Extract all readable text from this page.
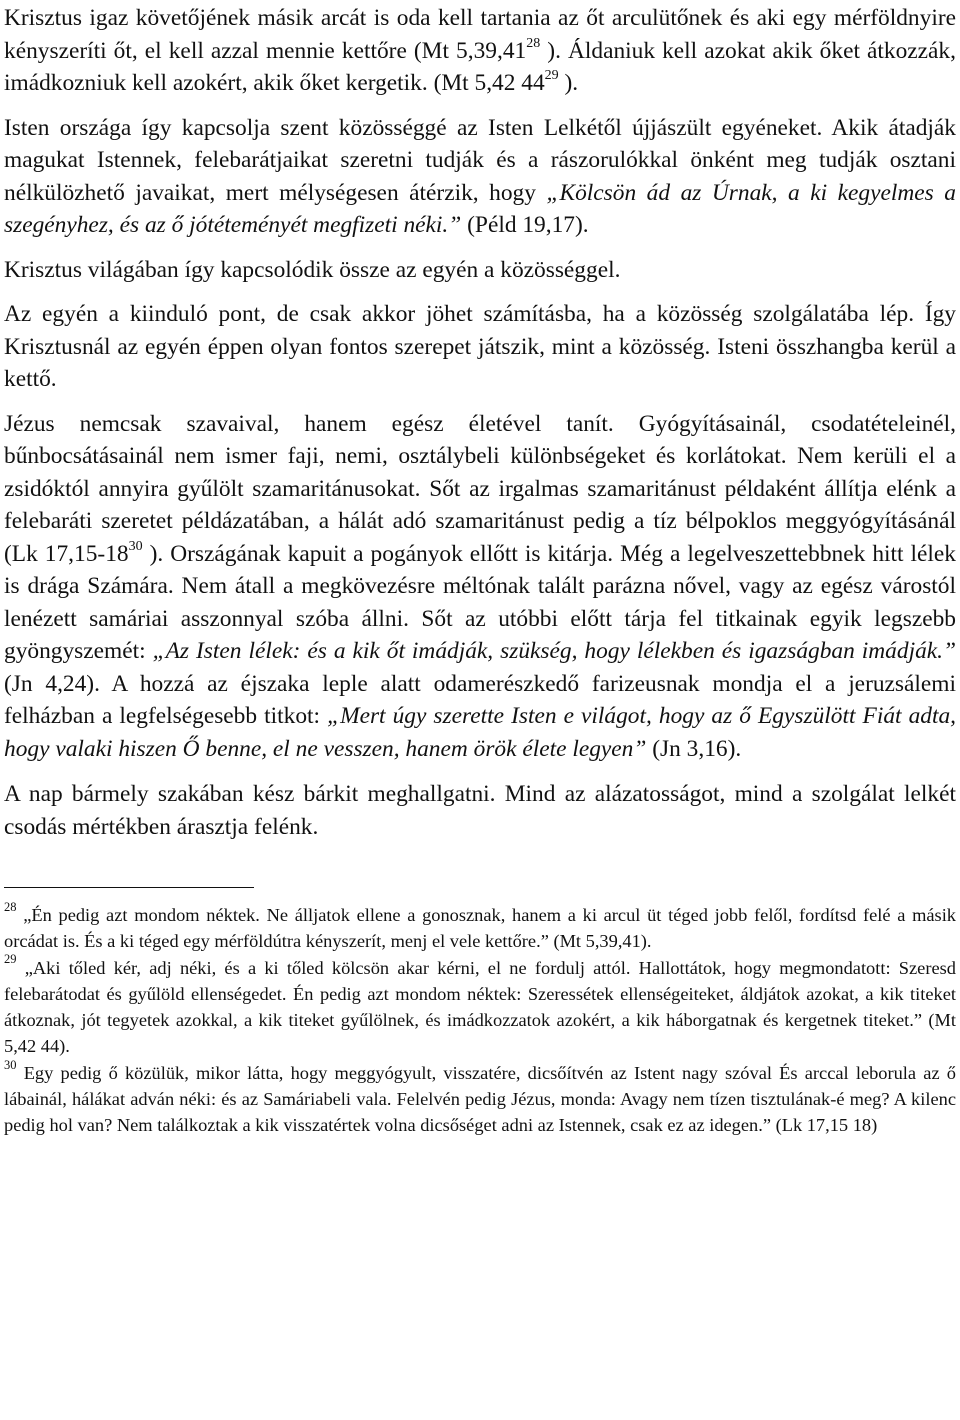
Krisztus igaz követőjének másik arcát is oda kell tartania az őt arculütőnek és aki egy mérföldnyire kényszeríti őt, el kell azzal mennie kettőre (Mt 5,39,41$^{28}$ ). Áldaniuk kell azokat akik őket átkozzák, imádkozniuk kell azokért, akik őket kergetik. (Mt 5,42 $44^{29}$ ).

Isten országa így kapcsolja szent közösséggé az Isten Lelkétől újjászült egyéneket. Akik átadják magukat Istennek, felebarátjaikat szeretni tudják és a rászorulókkal önként meg tudják osztani nélkülözhető javaikat, mert mélységesen átérzik, hogy „Kölcsön ád az Úrnak, a ki kegyelmes a szegényhez, és az ő jótéteményét megfizeti néki.” (Péld 19,17).

Krisztus világában így kapcsolódik össze az egyén a közösséggel.

Az egyén a kiinduló pont, de csak akkor jöhet számításba, ha a közösség szolgálatába lép. Így Krisztusnál az egyén éppen olyan fontos szerepet játszik, mint a közösség. Isteni összhangba kerül a kettő.

Jézus nemcsak szavaival, hanem egész életével tanít. Gyógyításainál, csodatételeinél, bűnbocsátásainál nem ismer faji, nemi, osztálybeli különbségeket és korlátokat. Nem kerüli el a zsidóktól annyira gyűlölt szamaritánusokat. Sőt az irgalmas szamaritánust példaként állítja elénk a felebaráti szeretet példázatában, a hálát adó szamaritánust pedig a tíz bélpoklos meggyógyításánál (Lk $17,15-18^{30}$ ). Országának kapuit a pogányok ellőtt is kitárja. Még a legelveszettebbnek hitt lélek is drága Számára. Nem átall a megkövezésre méltónak talált parázna nővel, vagy az egész várostól lenézett samáriai asszonnyal szóba állni. Sőt az utóbbi előtt tárja fel titkainak egyik legszebb gyöngyszemét: „Az Isten lélek: és a kik őt imádják, szükség, hogy lélekben és igazságban imádják.” (Jn 4,24). A hozzá az éjszaka leple alatt odamerészkedő farizeusnak mondja el a jeruzsálemi felházban a legfelségesebb titkot: „Mert úgy szerette Isten e világot, hogy az ő Egyszülött Fiát adta, hogy valaki hiszen Ő benne, el ne vesszen, hanem örök élete legyen” (Jn 3,16).

A nap bármely szakában kész bárkit meghallgatni. Mind az alázatosságot, mind a szolgálat lelkét csodás mértékben árasztja felénk.

$^{28}$ „Én pedig azt mondom néktek. Ne álljatok ellene a gonosznak, hanem a ki arcul üt téged jobb felől, fordítsd felé a másik orcádat is. És a ki téged egy mérföldútra kényszerít, menj el vele kettőre.” (Mt 5,39,41).

$^{29}$ „Aki tőled kér, adj néki, és a ki tőled kölcsön akar kérni, el ne fordulj attól. Hallottátok, hogy megmondatott: Szeresd felebarátodat és gyűlöld ellenségedet. Én pedig azt mondom néktek: Szeressétek ellenségeiteket, áldjátok azokat, a kik titeket átkoznak, jót tegyetek azokkal, a kik titeket gyűlölnek, és imádkozzatok azokért, a kik háborgatnak és kergetnek titeket.” (Mt 5,42 44).

$^{30}$ Egy pedig ő közülük, mikor látta, hogy meggyógyult, visszatére, dicsőítvén az Istent nagy szóval És arccal leborula az ő lábainál, hálákat adván néki: és az Samáriabeli vala. Felelvén pedig Jézus, monda: Avagy nem tízen tisztulának-é meg? A kilenc pedig hol van? Nem találkoztak a kik visszatértek volna dicsőséget adni az Istennek, csak ez az idegen.” (Lk 17,15 18)
